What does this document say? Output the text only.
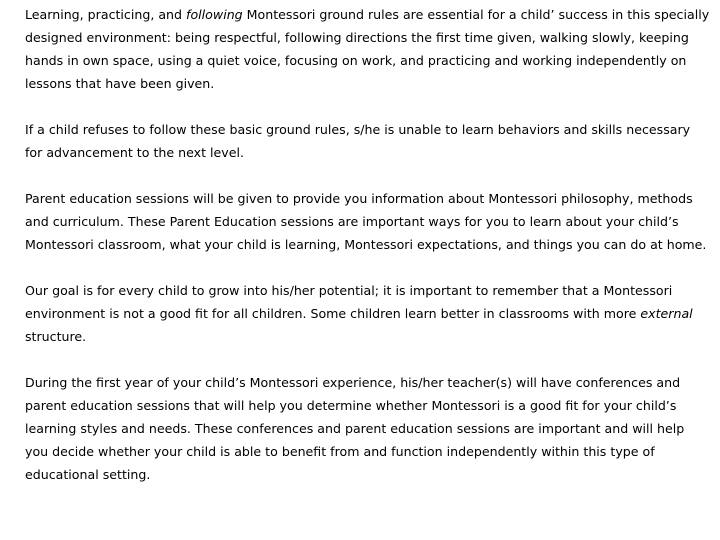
Learning, practicing, and following Montessori ground rules are essential for a child’ success in this specially designed environment: being respectful, following directions the first time given, walking slowly, keeping hands in own space, using a quiet voice, focusing on work, and practicing and working independently on lessons that have been given.

If a child refuses to follow these basic ground rules, s/he is unable to learn behaviors and skills necessary for advancement to the next level.

Parent education sessions will be given to provide you information about Montessori philosophy, methods and curriculum. These Parent Education sessions are important ways for you to learn about your child’s Montessori classroom, what your child is learning, Montessori expectations, and things you can do at home.

Our goal is for every child to grow into his/her potential; it is important to remember that a Montessori environment is not a good fit for all children. Some children learn better in classrooms with more external structure.

During the first year of your child’s Montessori experience, his/her teacher(s) will have conferences and parent education sessions that will help you determine whether Montessori is a good fit for your child’s learning styles and needs. These conferences and parent education sessions are important and will help you decide whether your child is able to benefit from and function independently within this type of educational setting.
